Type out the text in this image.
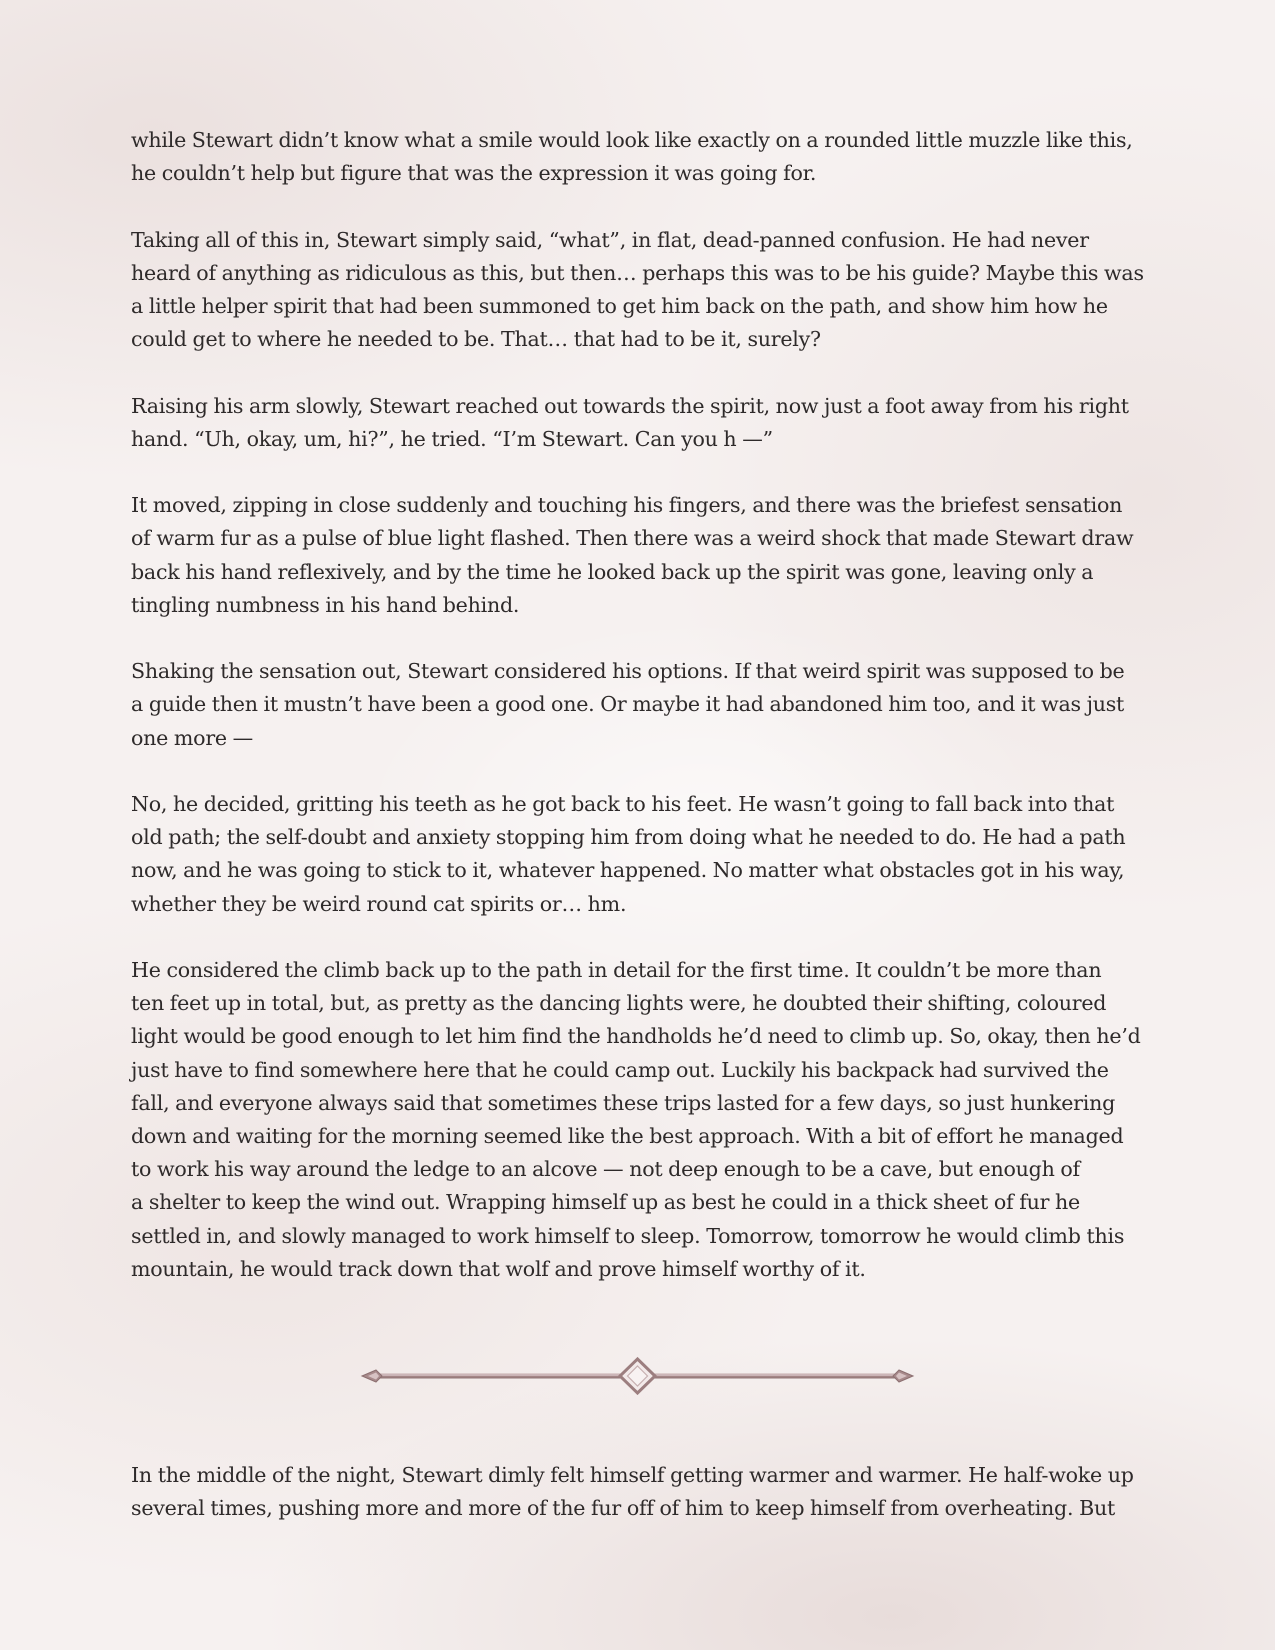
while Stewart didn’t know what a smile would look like exactly on a rounded little muzzle like this,
he couldn’t help but figure that was the expression it was going for.

Taking all of this in, Stewart simply said, “what”, in flat, dead-panned confusion. He had never
heard of anything as ridiculous as this, but then… perhaps this was to be his guide? Maybe this was
a little helper spirit that had been summoned to get him back on the path, and show him how he
could get to where he needed to be. That… that had to be it, surely?

Raising his arm slowly, Stewart reached out towards the spirit, now just a foot away from his right
hand. “Uh, okay, um, hi?”, he tried. “I’m Stewart. Can you h —”

It moved, zipping in close suddenly and touching his fingers, and there was the briefest sensation
of warm fur as a pulse of blue light flashed. Then there was a weird shock that made Stewart draw
back his hand reflexively, and by the time he looked back up the spirit was gone, leaving only a
tingling numbness in his hand behind.

Shaking the sensation out, Stewart considered his options. If that weird spirit was supposed to be
a guide then it mustn’t have been a good one. Or maybe it had abandoned him too, and it was just
one more —

No, he decided, gritting his teeth as he got back to his feet. He wasn’t going to fall back into that
old path; the self-doubt and anxiety stopping him from doing what he needed to do. He had a path
now, and he was going to stick to it, whatever happened. No matter what obstacles got in his way,
whether they be weird round cat spirits or… hm.

He considered the climb back up to the path in detail for the first time. It couldn’t be more than
ten feet up in total, but, as pretty as the dancing lights were, he doubted their shifting, coloured
light would be good enough to let him find the handholds he’d need to climb up. So, okay, then he’d
just have to find somewhere here that he could camp out. Luckily his backpack had survived the
fall, and everyone always said that sometimes these trips lasted for a few days, so just hunkering
down and waiting for the morning seemed like the best approach. With a bit of effort he managed
to work his way around the ledge to an alcove — not deep enough to be a cave, but enough of
a shelter to keep the wind out. Wrapping himself up as best he could in a thick sheet of fur he
settled in, and slowly managed to work himself to sleep. Tomorrow, tomorrow he would climb this
mountain, he would track down that wolf and prove himself worthy of it.

In the middle of the night, Stewart dimly felt himself getting warmer and warmer. He half-woke up
several times, pushing more and more of the fur off of him to keep himself from overheating. But
